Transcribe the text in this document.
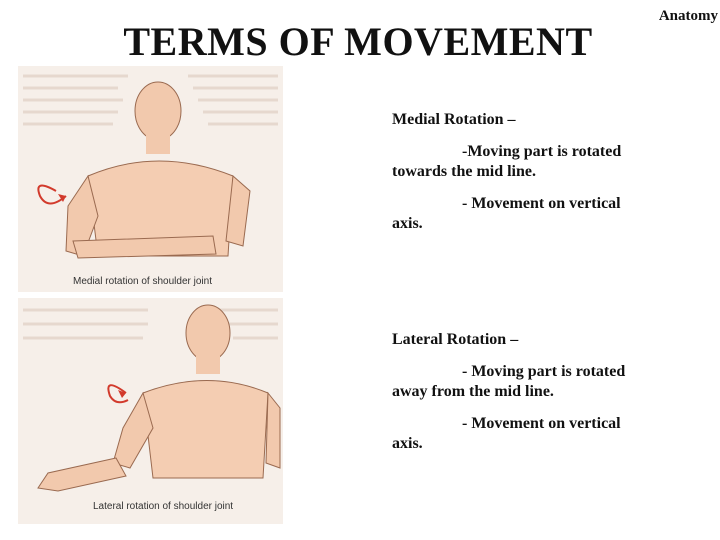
Anatomy
TERMS OF MOVEMENT
Medial rotation of shoulder joint
Lateral rotation of shoulder joint

Medial Rotation –

-Moving part is rotated towards the mid line.

- Movement on vertical axis.

Lateral Rotation –

- Moving part is rotated away from the mid line.

- Movement on vertical axis.
